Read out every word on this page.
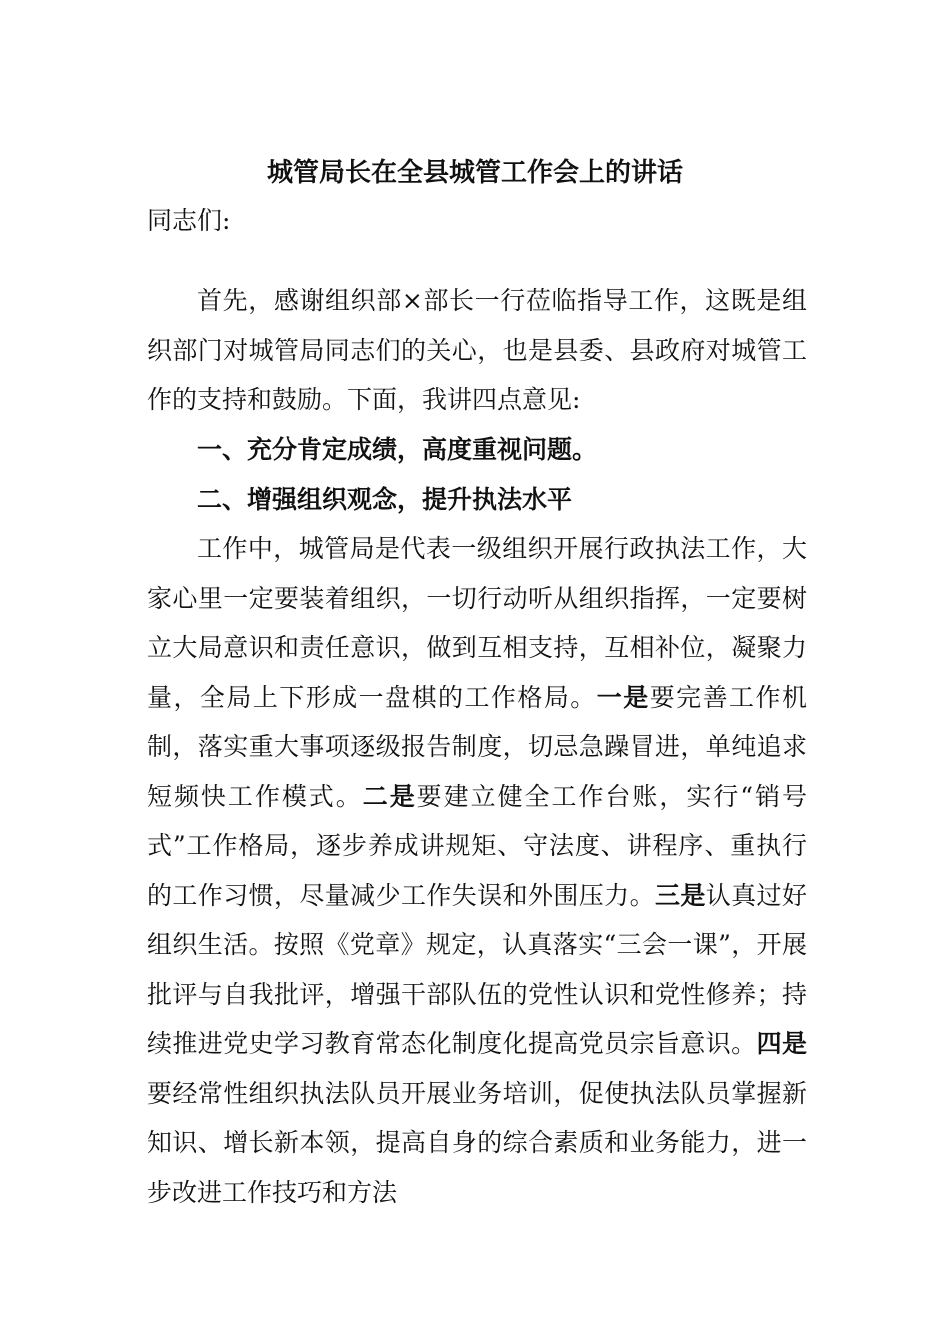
城管局长在全县城管工作会上的讲话

同志们:

首先，感谢组织部×部长一行莅临指导工作，这既是组织部门对城管局同志们的关心，也是县委、县政府对城管工作的支持和鼓励。下面，我讲四点意见:

一、充分肯定成绩，高度重视问题。

二、增强组织观念，提升执法水平

工作中，城管局是代表一级组织开展行政执法工作，大家心里一定要装着组织，一切行动听从组织指挥，一定要树立大局意识和责任意识，做到互相支持，互相补位，凝聚力量，全局上下形成一盘棋的工作格局。一是要完善工作机制，落实重大事项逐级报告制度，切忌急躁冒进，单纯追求短频快工作模式。二是要建立健全工作台账，实行“销号式”工作格局，逐步养成讲规矩、守法度、讲程序、重执行的工作习惯，尽量减少工作失误和外围压力。三是认真过好组织生活。按照《党章》规定，认真落实“三会一课”，开展批评与自我批评，增强干部队伍的党性认识和党性修养；持续推进党史学习教育常态化制度化提高党员宗旨意识。四是要经常性组织执法队员开展业务培训，促使执法队员掌握新知识、增长新本领，提高自身的综合素质和业务能力，进一步改进工作技巧和方法
